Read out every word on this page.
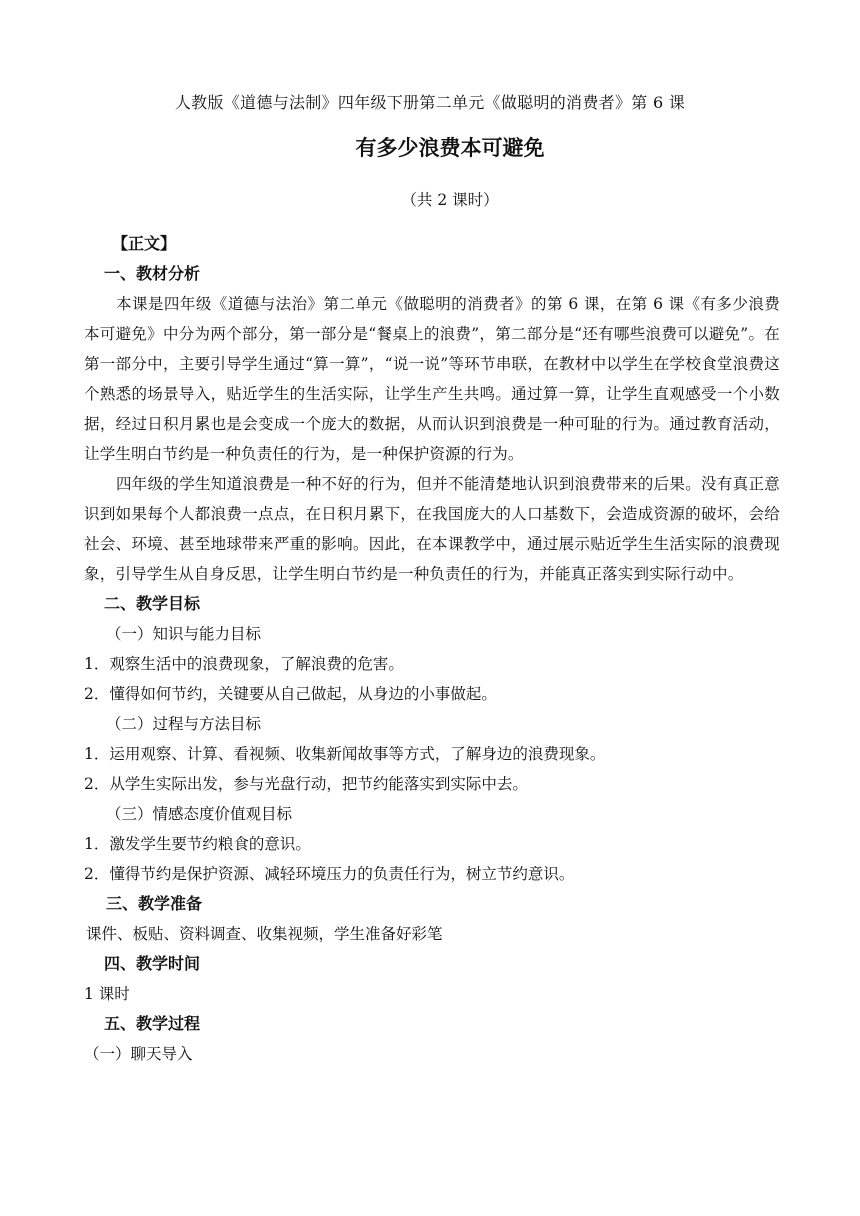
人教版《道德与法制》四年级下册第二单元《做聪明的消费者》第 6 课
有多少浪费本可避免
（共 2 课时）
【正文】
一、教材分析

本课是四年级《道德与法治》第二单元《做聪明的消费者》的第 6 课，在第 6 课《有多少浪费本可避免》中分为两个部分，第一部分是“餐桌上的浪费”，第二部分是“还有哪些浪费可以避免”。在第一部分中，主要引导学生通过“算一算”，“说一说”等环节串联，在教材中以学生在学校食堂浪费这个熟悉的场景导入，贴近学生的生活实际，让学生产生共鸣。通过算一算，让学生直观感受一个小数据，经过日积月累也是会变成一个庞大的数据，从而认识到浪费是一种可耻的行为。通过教育活动，让学生明白节约是一种负责任的行为，是一种保护资源的行为。

四年级的学生知道浪费是一种不好的行为，但并不能清楚地认识到浪费带来的后果。没有真正意识到如果每个人都浪费一点点，在日积月累下，在我国庞大的人口基数下，会造成资源的破坏，会给社会、环境、甚至地球带来严重的影响。因此，在本课教学中，通过展示贴近学生生活实际的浪费现象，引导学生从自身反思，让学生明白节约是一种负责任的行为，并能真正落实到实际行动中。

二、教学目标
（一）知识与能力目标
1．观察生活中的浪费现象，了解浪费的危害。
2．懂得如何节约，关键要从自己做起，从身边的小事做起。
（二）过程与方法目标
1．运用观察、计算、看视频、收集新闻故事等方式，了解身边的浪费现象。
2．从学生实际出发，参与光盘行动，把节约能落实到实际中去。
（三）情感态度价值观目标
1．激发学生要节约粮食的意识。
2．懂得节约是保护资源、减轻环境压力的负责任行为，树立节约意识。
三、教学准备
课件、板贴、资料调查、收集视频，学生准备好彩笔
四、教学时间
1 课时
五、教学过程
（一）聊天导入
